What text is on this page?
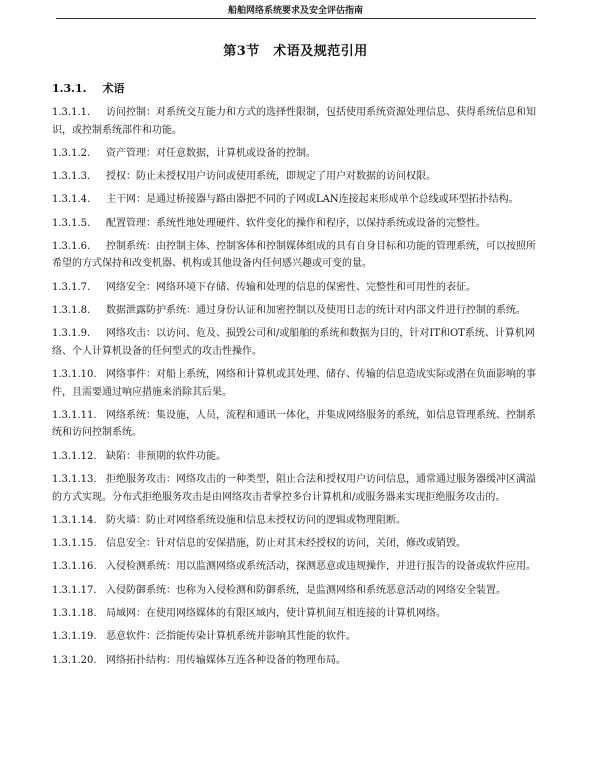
船舶网络系统要求及安全评估指南
第3节　术语及规范引用
1.3.1. 术语
1.3.1.1. 访问控制：对系统交互能力和方式的选择性限制，包括使用系统资源处理信息、获得系统信息和知识，或控制系统部件和功能。
1.3.1.2. 资产管理：对任意数据，计算机或设备的控制。
1.3.1.3. 授权：防止未授权用户访问或使用系统，即规定了用户对数据的访问权限。
1.3.1.4. 主干网：是通过桥接器与路由器把不同的子网或LAN连接起来形成单个总线或环型拓扑结构。
1.3.1.5. 配置管理：系统性地处理硬件、软件变化的操作和程序，以保持系统或设备的完整性。
1.3.1.6. 控制系统：由控制主体、控制客体和控制媒体组成的具有自身目标和功能的管理系统，可以按照所希望的方式保持和改变机器、机构或其他设备内任何感兴趣或可变的量。
1.3.1.7. 网络安全：网络环境下存储、传输和处理的信息的保密性、完整性和可用性的表征。
1.3.1.8. 数据泄露防护系统：通过身份认证和加密控制以及使用日志的统计对内部文件进行控制的系统。
1.3.1.9. 网络攻击：以访问、危及、损毁公司和/或船舶的系统和数据为目的，针对IT和OT系统、计算机网络、个人计算机设备的任何型式的攻击性操作。
1.3.1.10. 网络事件：对船上系统，网络和计算机或其处理、储存、传输的信息造成实际或潜在负面影响的事件，且需要通过响应措施来消除其后果。
1.3.1.11. 网络系统：集设施，人员，流程和通讯一体化，并集成网络服务的系统，如信息管理系统、控制系统和访问控制系统。
1.3.1.12. 缺陷：非预期的软件功能。
1.3.1.13. 拒绝服务攻击：网络攻击的一种类型，阻止合法和授权用户访问信息，通常通过服务器缓冲区满溢的方式实现。分布式拒绝服务攻击是由网络攻击者掌控多台计算机和/或服务器来实现拒绝服务攻击的。
1.3.1.14. 防火墙：防止对网络系统设施和信息未授权访问的逻辑或物理阻断。
1.3.1.15. 信息安全：针对信息的安保措施，防止对其未经授权的访问，关闭，修改或销毁。
1.3.1.16. 入侵检测系统：用以监测网络或系统活动，探测恶意或违规操作，并进行报告的设备或软件应用。
1.3.1.17. 入侵防御系统：也称为入侵检测和防御系统，是监测网络和系统恶意活动的网络安全装置。
1.3.1.18. 局域网：在使用网络媒体的有限区域内，使计算机间互相连接的计算机网络。
1.3.1.19. 恶意软件：泛指能传染计算机系统并影响其性能的软件。
1.3.1.20. 网络拓扑结构：用传输媒体互连各种设备的物理布局。
